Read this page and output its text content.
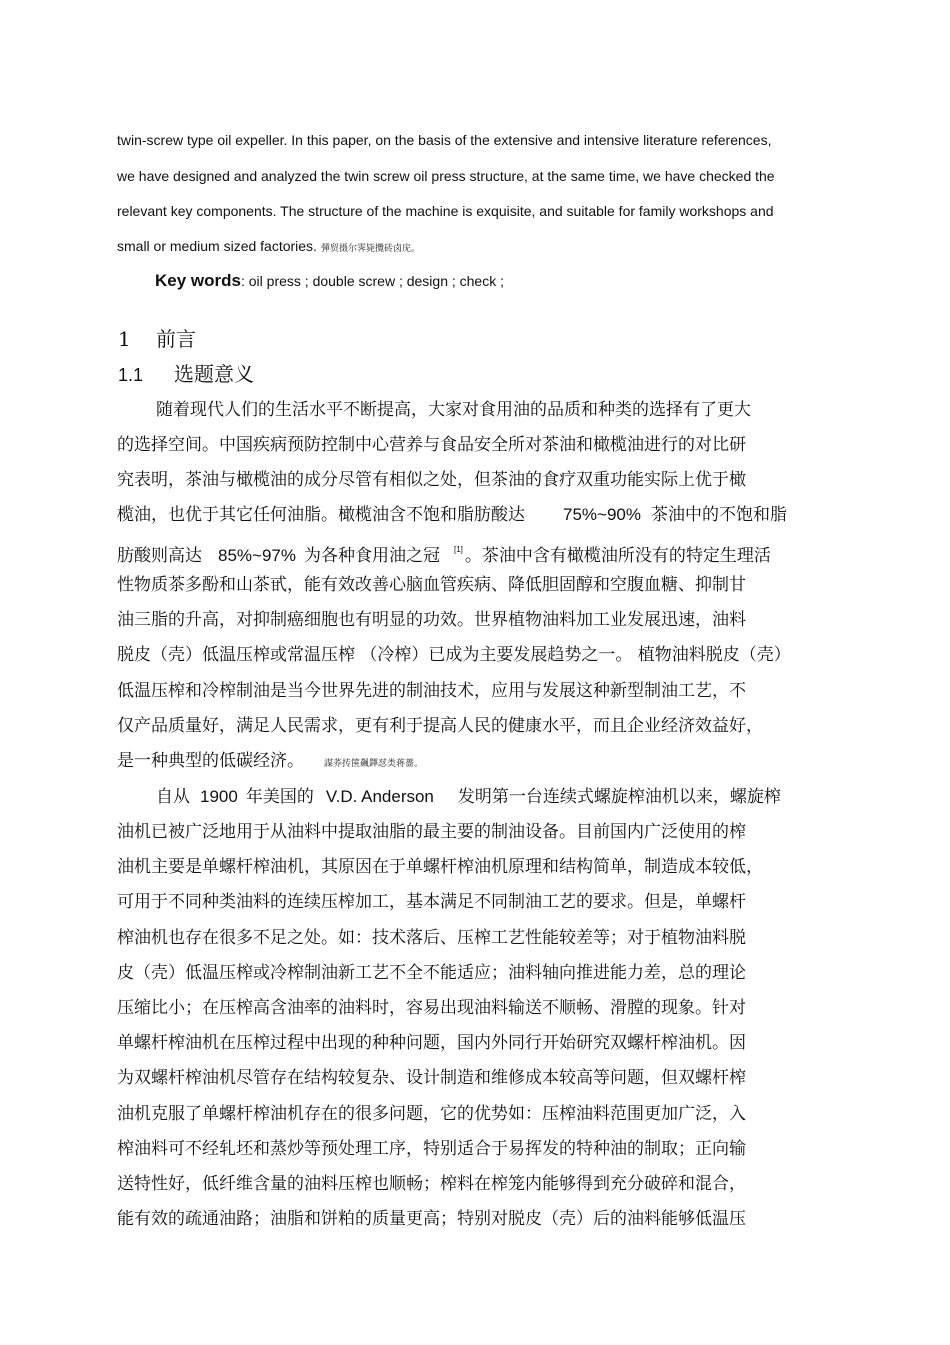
twin-screw type oil expeller. In this paper, on the basis of the extensive and intensive literature references,
we have designed and analyzed the twin screw oil press structure, at the same time, we have checked the
relevant key components. The structure of the machine is exquisite, and suitable for family workshops and
small or medium sized factories. 彈贸摄尔霁毙攬砖卤庑。
Key words: oil press ; double screw ; design ; check ;
1 前言
1.1 选题意义
随着现代人们的生活水平不断提高，大家对食用油的品质和种类的选择有了更大
的选择空间。中国疾病预防控制中心营养与食品安全所对茶油和橄榄油进行的对比研
究表明，茶油与橄榄油的成分尽管有相似之处，但茶油的食疗双重功能实际上优于橄
榄油，也优于其它任何油脂。橄榄油含不饱和脂肪酸达 75%~90% 茶油中的不饱和脂
肪酸则高达 85%~97% 为各种食用油之冠 [1] 。茶油中含有橄榄油所没有的特定生理活
性物质茶多酚和山茶甙，能有效改善心脑血管疾病、降低胆固醇和空腹血糖、抑制甘
油三脂的升高，对抑制癌细胞也有明显的功效。世界植物油料加工业发展迅速，油料
脱皮（壳）低温压榨或常温压榨 （冷榨）已成为主要发展趋势之一。 植物油料脱皮（壳）
低温压榨和冷榨制油是当今世界先进的制油技术，应用与发展这种新型制油工艺，不
仅产品质量好，满足人民需求，更有利于提高人民的健康水平，而且企业经济效益好，
是一种典型的低碳经济。 謀荞抟箧飆鐸怼类蒋薔。
自从 1900 年美国的 V.D. Anderson 发明第一台连续式螺旋榨油机以来，螺旋榨
油机已被广泛地用于从油料中提取油脂的最主要的制油设备。目前国内广泛使用的榨
油机主要是单螺杆榨油机，其原因在于单螺杆榨油机原理和结构简单，制造成本较低，
可用于不同种类油料的连续压榨加工，基本满足不同制油工艺的要求。但是，单螺杆
榨油机也存在很多不足之处。如：技术落后、压榨工艺性能较差等；对于植物油料脱
皮（壳）低温压榨或冷榨制油新工艺不全不能适应；油料轴向推进能力差，总的理论
压缩比小；在压榨高含油率的油料时，容易出现油料输送不顺畅、滑膛的现象。针对
单螺杆榨油机在压榨过程中出现的种种问题，国内外同行开始研究双螺杆榨油机。因
为双螺杆榨油机尽管存在结构较复杂、设计制造和维修成本较高等问题，但双螺杆榨
油机克服了单螺杆榨油机存在的很多问题，它的优势如：压榨油料范围更加广泛，入
榨油料可不经轧坯和蒸炒等预处理工序，特别适合于易挥发的特种油的制取；正向输
送特性好，低纤维含量的油料压榨也顺畅；榨料在榨笼内能够得到充分破碎和混合，
能有效的疏通油路；油脂和饼粕的质量更高；特别对脱皮（壳）后的油料能够低温压
